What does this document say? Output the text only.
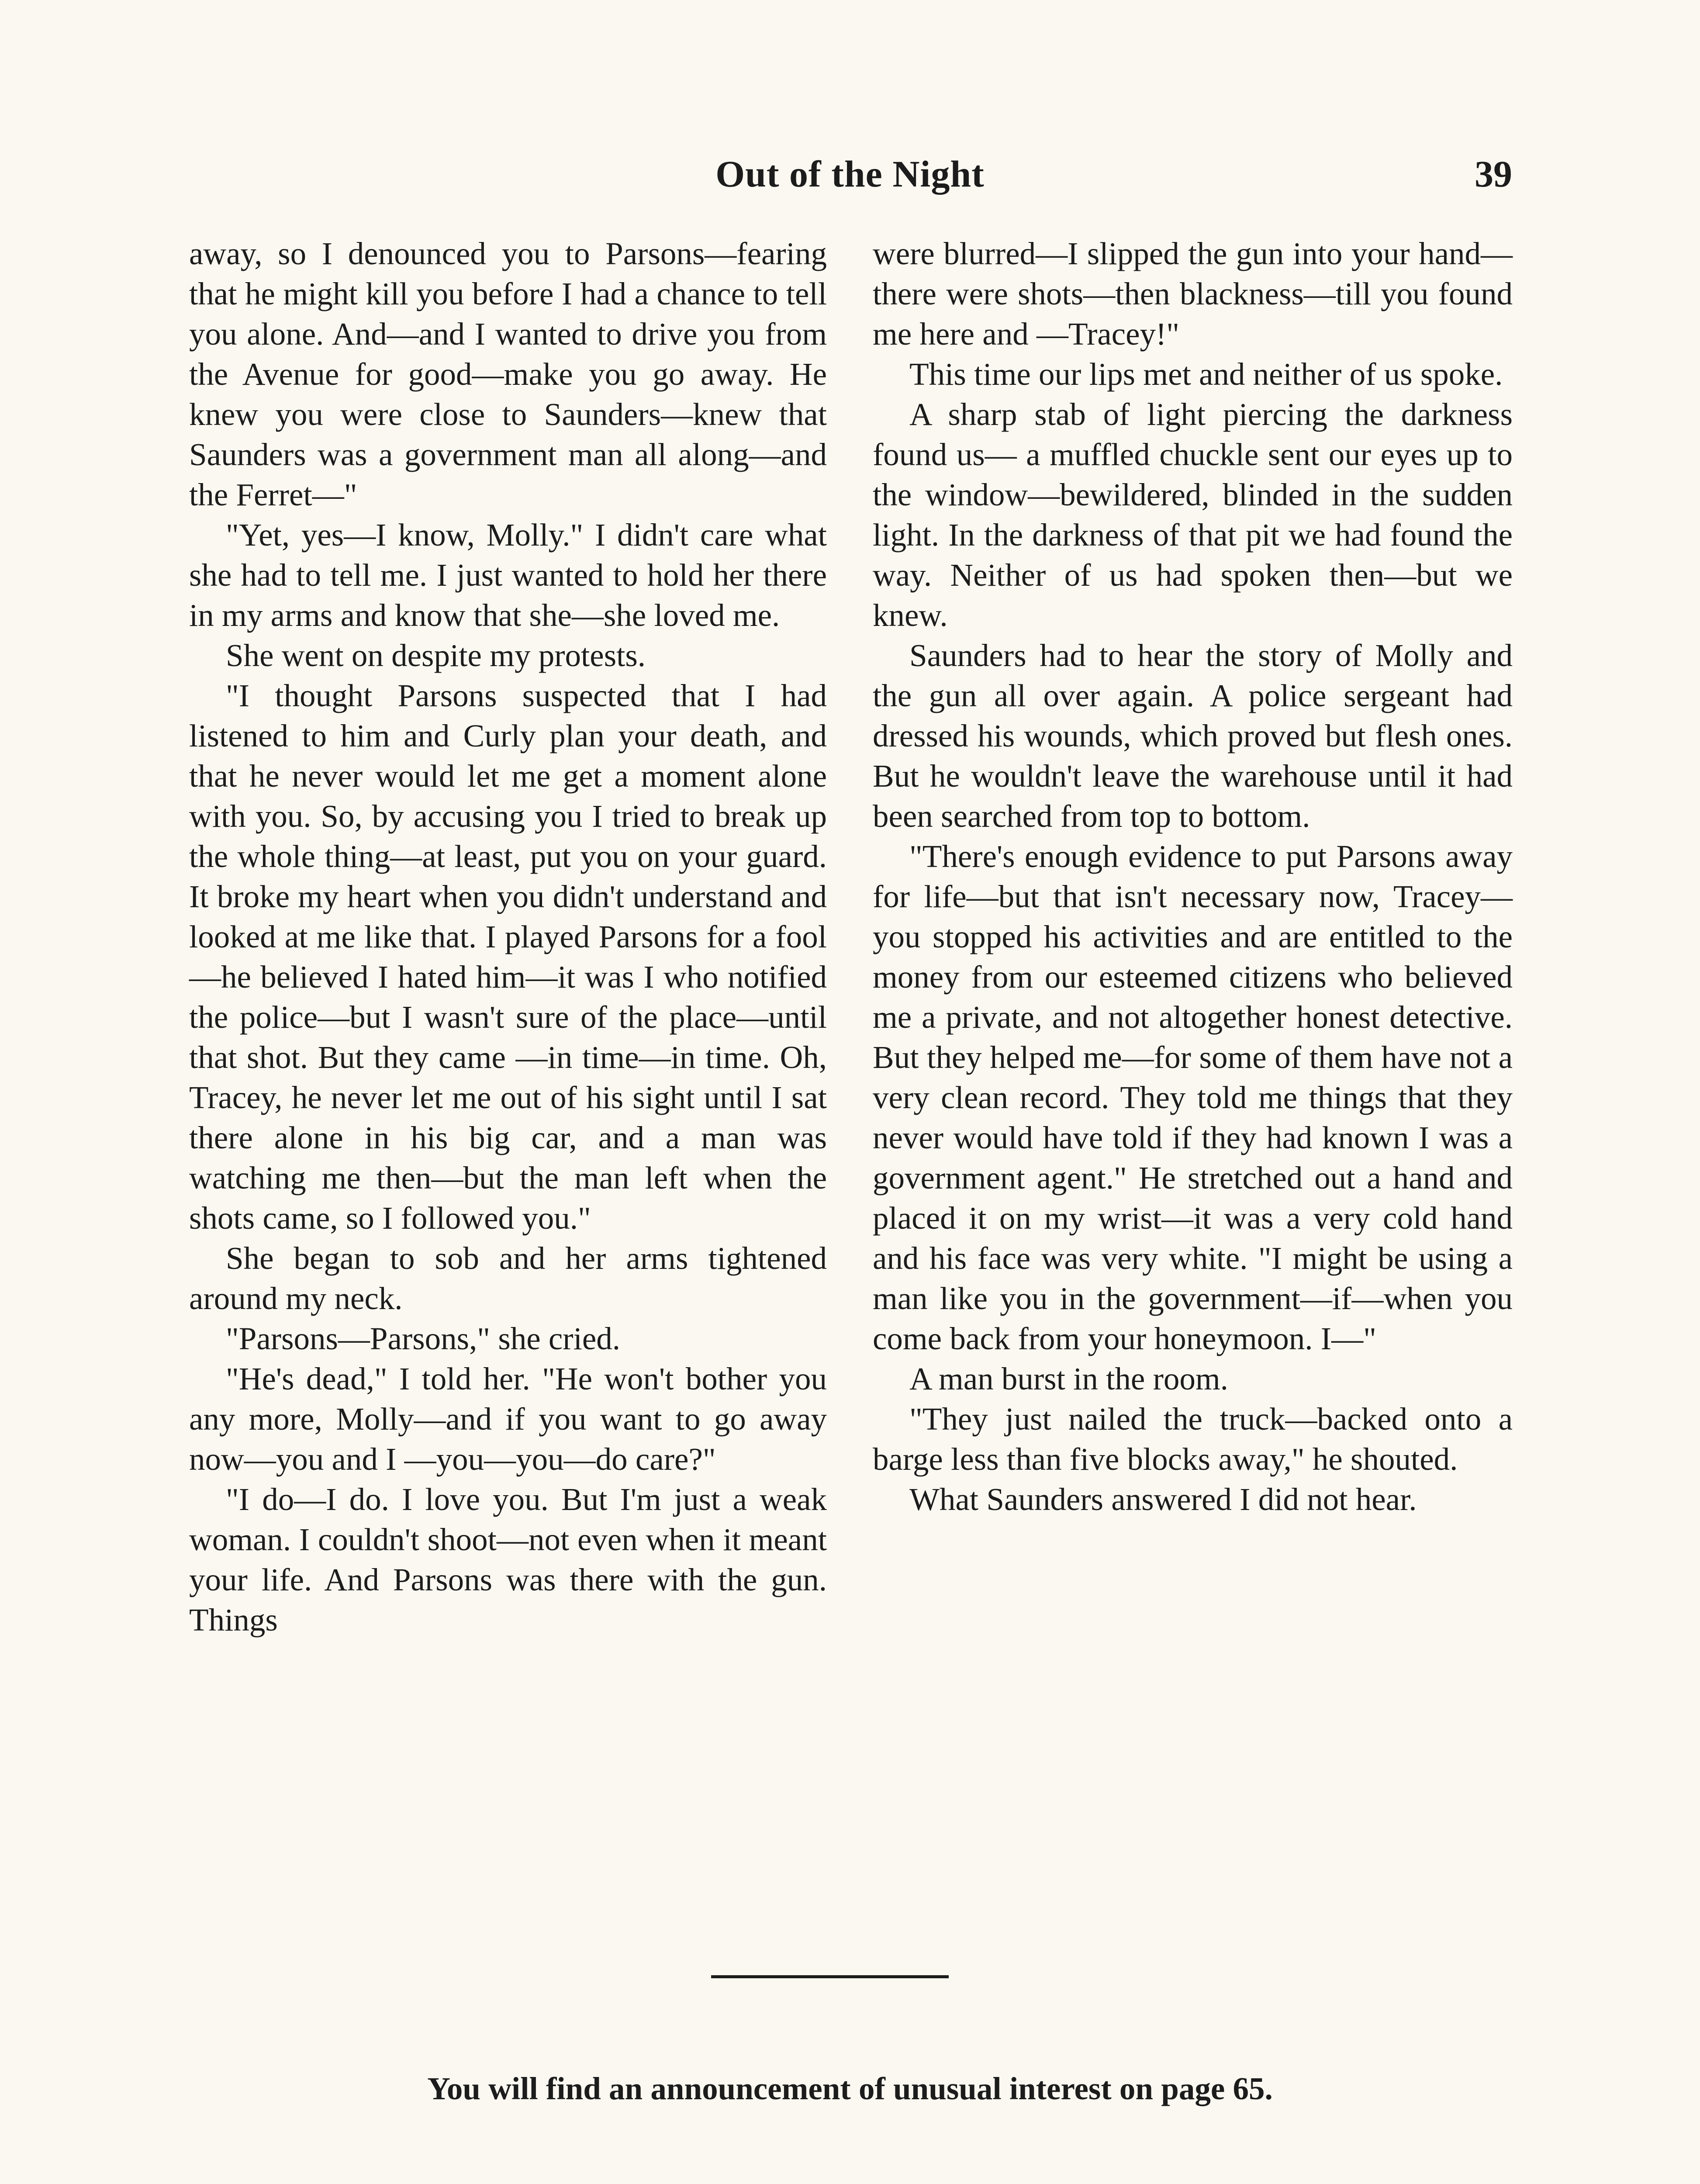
Out of the Night	39

away, so I denounced you to Parsons—fearing that he might kill you before I had a chance to tell you alone. And—and I wanted to drive you from the Avenue for good—make you go away. He knew you were close to Saunders—knew that Saunders was a government man all along—and the Ferret—"

"Yet, yes—I know, Molly." I didn't care what she had to tell me. I just wanted to hold her there in my arms and know that she—she loved me.

She went on despite my protests.

"I thought Parsons suspected that I had listened to him and Curly plan your death, and that he never would let me get a moment alone with you. So, by accusing you I tried to break up the whole thing—at least, put you on your guard. It broke my heart when you didn't understand and looked at me like that. I played Parsons for a fool—he believed I hated him—it was I who notified the police—but I wasn't sure of the place—until that shot. But they came —in time—in time. Oh, Tracey, he never let me out of his sight until I sat there alone in his big car, and a man was watching me then—but the man left when the shots came, so I followed you."

She began to sob and her arms tightened around my neck.

"Parsons—Parsons," she cried.

"He's dead," I told her. "He won't bother you any more, Molly—and if you want to go away now—you and I —you—you—do care?"

"I do—I do. I love you. But I'm just a weak woman. I couldn't shoot—not even when it meant your life. And Parsons was there with the gun. Things

were blurred—I slipped the gun into your hand—there were shots—then blackness—till you found me here and —Tracey!"

This time our lips met and neither of us spoke.

A sharp stab of light piercing the darkness found us— a muffled chuckle sent our eyes up to the window—bewildered, blinded in the sudden light. In the darkness of that pit we had found the way. Neither of us had spoken then—but we knew.

Saunders had to hear the story of Molly and the gun all over again. A police sergeant had dressed his wounds, which proved but flesh ones. But he wouldn't leave the warehouse until it had been searched from top to bottom.

"There's enough evidence to put Parsons away for life—but that isn't necessary now, Tracey—you stopped his activities and are entitled to the money from our esteemed citizens who believed me a private, and not altogether honest detective. But they helped me—for some of them have not a very clean record. They told me things that they never would have told if they had known I was a government agent." He stretched out a hand and placed it on my wrist—it was a very cold hand and his face was very white. "I might be using a man like you in the government—if—when you come back from your honeymoon. I—"

A man burst in the room.

"They just nailed the truck—backed onto a barge less than five blocks away," he shouted.

What Saunders answered I did not hear.

You will find an announcement of unusual interest on page 65.
